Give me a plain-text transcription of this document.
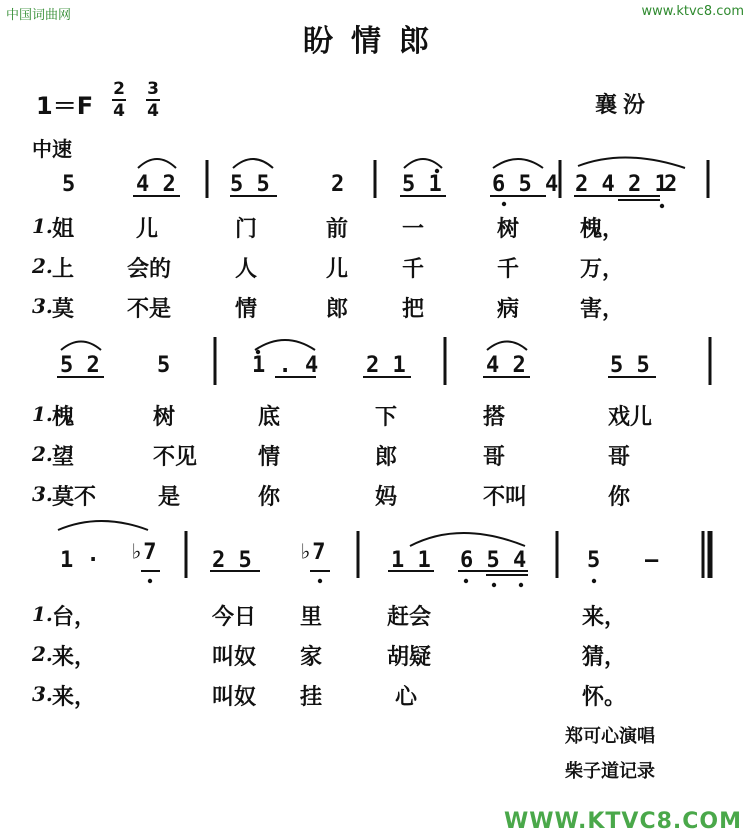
中国词曲网	www.ktvc8.com
WWW.KTVC8.COM
盼情郎
1＝F
2
4
3
4	襄汾
中速
5	4 2 5 5	2	5 1 6 5 4 2 4 2 1
2
1. 姐	儿	门	前 一	树	槐，
2. 上 会的	人	儿 千	千	万，
3. 莫 不是	情	郎 把	病	害，
5 2	5	1 . 4 2 1	4 2	5 5
1. 槐	树	底	下	搭	戏儿
2. 望	不见	情	郎	哥	哥
3. 莫不	是	你	妈	不叫	你
1 · ♭7	2 5 ♭7	1 1 6 5 4	5 —
1. 台，	今日 里	赶会	来，
2. 来，	叫奴 家	胡疑	猜，
3. 来，	叫奴 挂	心	怀。
郑可心演唱
柴子道记录
